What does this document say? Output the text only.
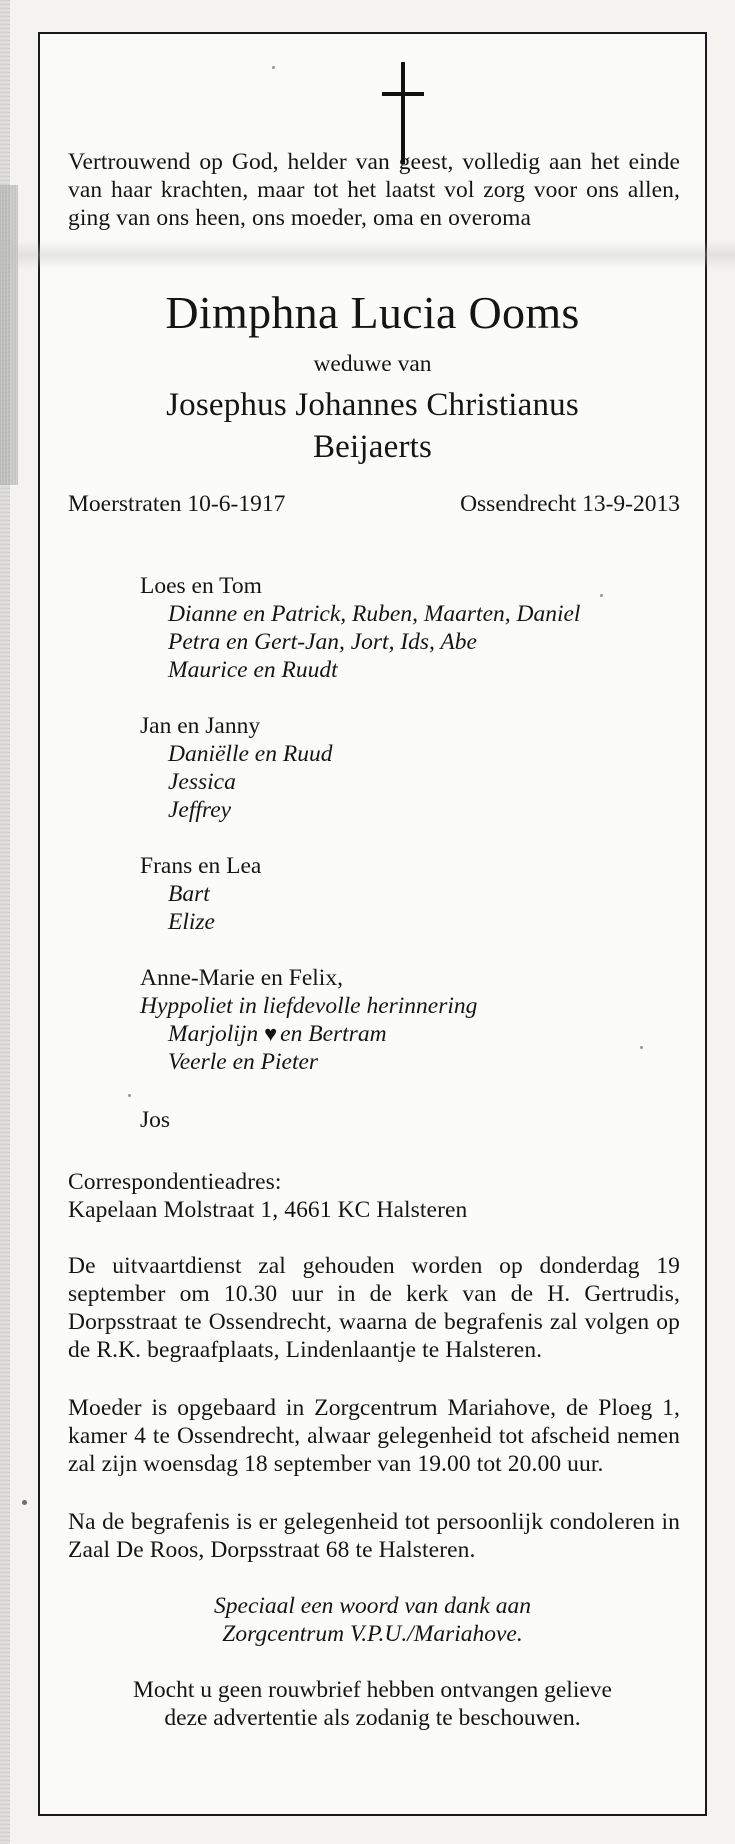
Vertrouwend op God, helder van geest, volledig aan het einde van haar krachten, maar tot het laatst vol zorg voor ons allen, ging van ons heen, ons moeder, oma en overoma
Dimphna Lucia Ooms
weduwe van
Josephus Johannes Christianus
Beijaerts
Moerstraten 10-6-1917	Ossendrecht 13-9-2013
Loes en Tom
Dianne en Patrick, Ruben, Maarten, Daniel
Petra en Gert-Jan, Jort, Ids, Abe
Maurice en Ruudt
Jan en Janny
Daniëlle en Ruud
Jessica
Jeffrey
Frans en Lea
Bart
Elize
Anne-Marie en Felix,
Hyppoliet in liefdevolle herinnering
Marjolijn ♥ en Bertram
Veerle en Pieter
Jos
Correspondentieadres:
Kapelaan Molstraat 1, 4661 KC Halsteren
De uitvaartdienst zal gehouden worden op donderdag 19 september om 10.30 uur in de kerk van de H. Gertrudis, Dorpsstraat te Ossendrecht, waarna de begrafenis zal volgen op de R.K. begraafplaats, Lindenlaantje te Halsteren.
Moeder is opgebaard in Zorgcentrum Mariahove, de Ploeg 1, kamer 4 te Ossendrecht, alwaar gelegenheid tot afscheid nemen zal zijn woensdag 18 september van 19.00 tot 20.00 uur.
Na de begrafenis is er gelegenheid tot persoonlijk condoleren in Zaal De Roos, Dorpsstraat 68 te Halsteren.
Speciaal een woord van dank aan
Zorgcentrum V.P.U./Mariahove.
Mocht u geen rouwbrief hebben ontvangen gelieve
deze advertentie als zodanig te beschouwen.
